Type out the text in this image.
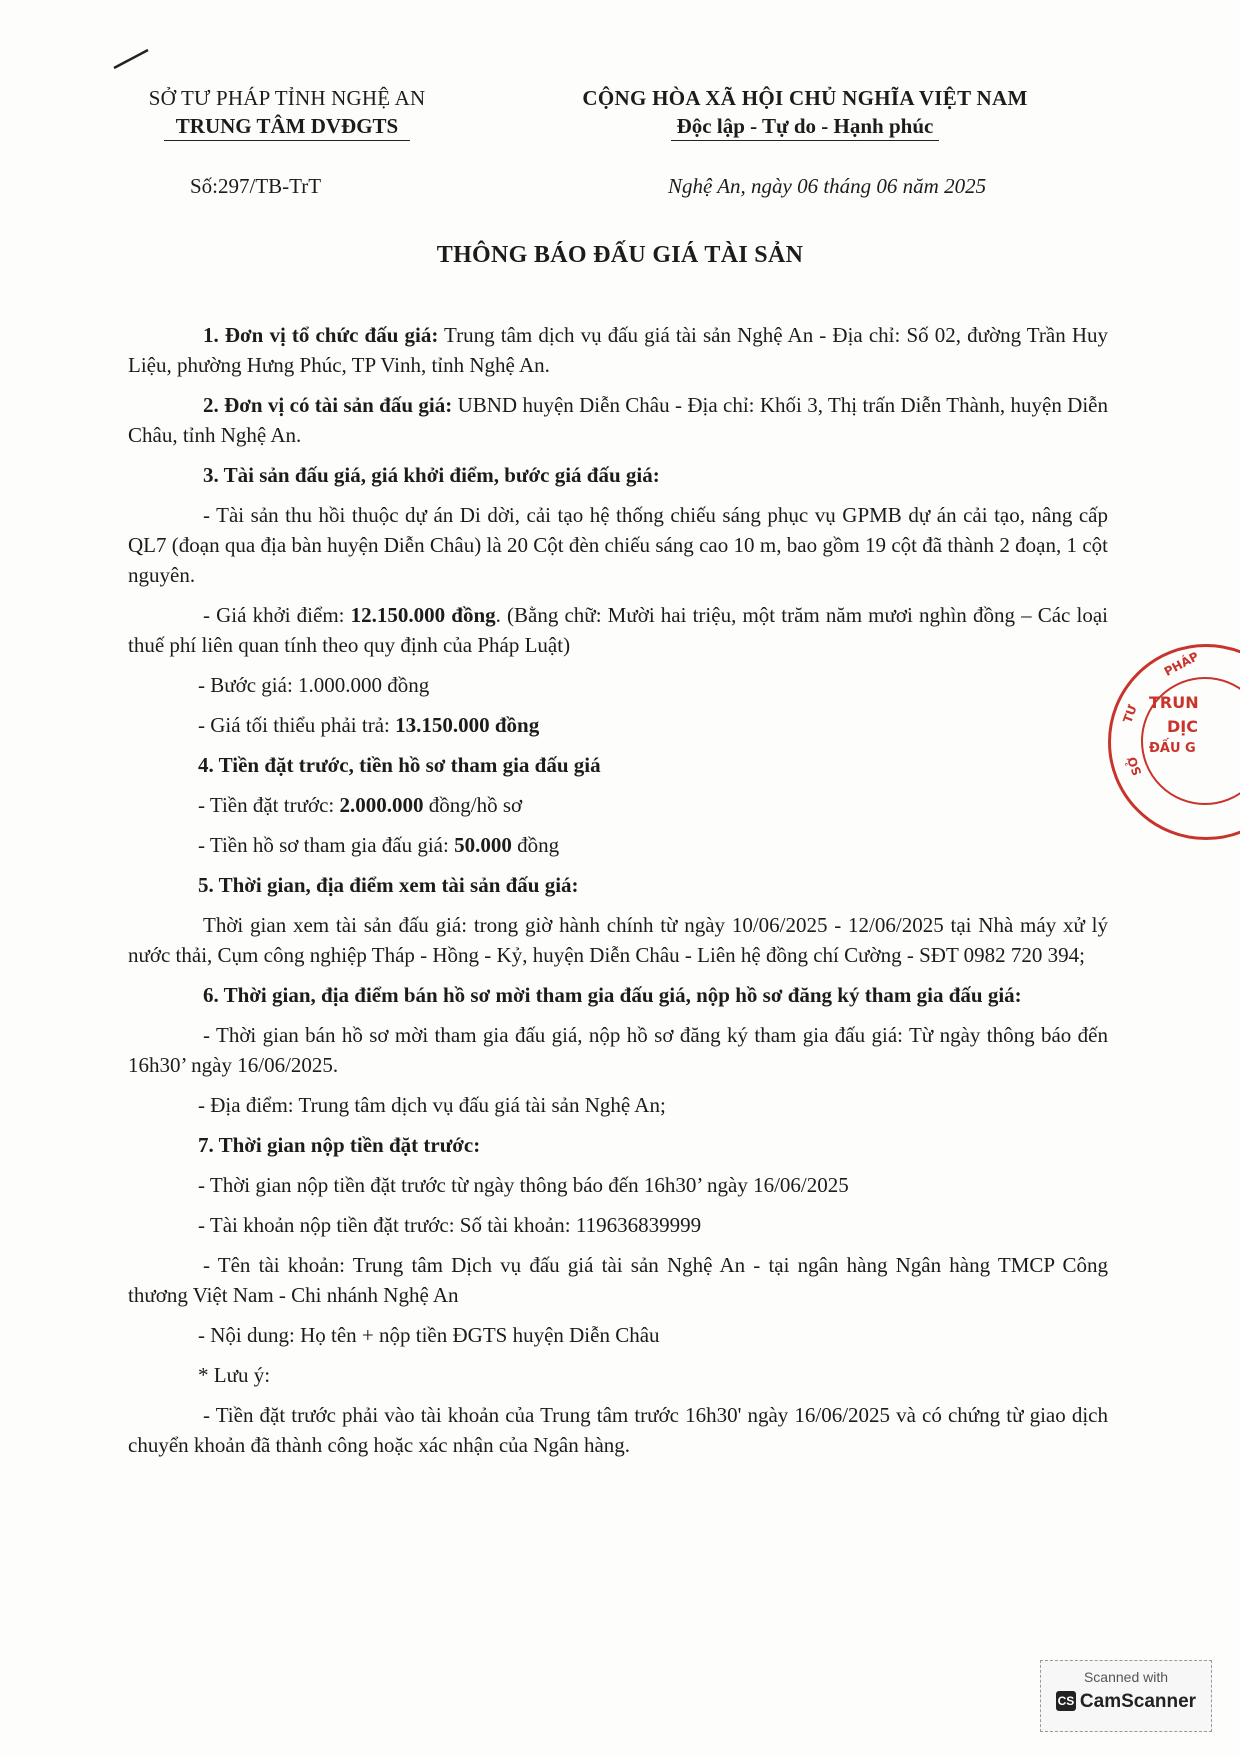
SỞ TƯ PHÁP TỈNH NGHỆ AN
TRUNG TÂM DVĐGTS
CỘNG HÒA XÃ HỘI CHỦ NGHĨA VIỆT NAM
Độc lập - Tự do - Hạnh phúc
Số:297/TB-TrT	Nghệ An, ngày 06 tháng 06 năm 2025
THÔNG BÁO ĐẤU GIÁ TÀI SẢN

1. Đơn vị tổ chức đấu giá: Trung tâm dịch vụ đấu giá tài sản Nghệ An - Địa chỉ: Số 02, đường Trần Huy Liệu, phường Hưng Phúc, TP Vinh, tỉnh Nghệ An.

2. Đơn vị có tài sản đấu giá: UBND huyện Diễn Châu - Địa chỉ: Khối 3, Thị trấn Diễn Thành, huyện Diễn Châu, tỉnh Nghệ An.

3. Tài sản đấu giá, giá khởi điểm, bước giá đấu giá:

- Tài sản thu hồi thuộc dự án Di dời, cải tạo hệ thống chiếu sáng phục vụ GPMB dự án cải tạo, nâng cấp QL7 (đoạn qua địa bàn huyện Diễn Châu) là 20 Cột đèn chiếu sáng cao 10 m, bao gồm 19 cột đã thành 2 đoạn, 1 cột nguyên.

- Giá khởi điểm: 12.150.000 đồng. (Bằng chữ: Mười hai triệu, một trăm năm mươi nghìn đồng – Các loại thuế phí liên quan tính theo quy định của Pháp Luật)

- Bước giá: 1.000.000 đồng

- Giá tối thiểu phải trả: 13.150.000 đồng

4. Tiền đặt trước, tiền hồ sơ tham gia đấu giá

- Tiền đặt trước: 2.000.000 đồng/hồ sơ

- Tiền hồ sơ tham gia đấu giá: 50.000 đồng

5. Thời gian, địa điểm xem tài sản đấu giá:

Thời gian xem tài sản đấu giá: trong giờ hành chính từ ngày 10/06/2025 - 12/06/2025 tại Nhà máy xử lý nước thải, Cụm công nghiệp Tháp - Hồng - Kỷ, huyện Diễn Châu - Liên hệ đồng chí Cường - SĐT 0982 720 394;

6. Thời gian, địa điểm bán hồ sơ mời tham gia đấu giá, nộp hồ sơ đăng ký tham gia đấu giá:

- Thời gian bán hồ sơ mời tham gia đấu giá, nộp hồ sơ đăng ký tham gia đấu giá: Từ ngày thông báo đến 16h30’ ngày 16/06/2025.

- Địa điểm: Trung tâm dịch vụ đấu giá tài sản Nghệ An;

7. Thời gian nộp tiền đặt trước:

- Thời gian nộp tiền đặt trước từ ngày thông báo đến 16h30’ ngày 16/06/2025

- Tài khoản nộp tiền đặt trước: Số tài khoản: 119636839999

- Tên tài khoản: Trung tâm Dịch vụ đấu giá tài sản Nghệ An - tại ngân hàng Ngân hàng TMCP Công thương Việt Nam - Chi nhánh Nghệ An

- Nội dung: Họ tên + nộp tiền ĐGTS huyện Diễn Châu

* Lưu ý:

- Tiền đặt trước phải vào tài khoản của Trung tâm trước 16h30' ngày 16/06/2025 và có chứng từ giao dịch chuyển khoản đã thành công hoặc xác nhận của Ngân hàng.

PHÁP
TƯ
TRUN
DỊC
ĐẤU G
SỞ
Scanned with
CS CamScanner
